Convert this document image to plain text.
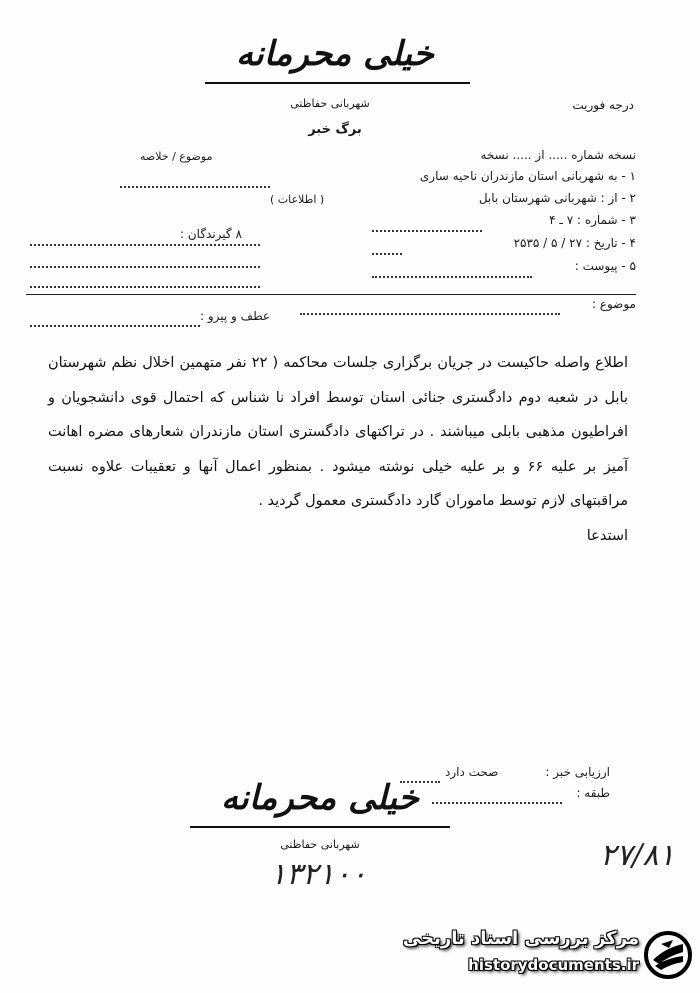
خیلی محرمانه
درجه فوریت
شهربانی حفاظتی
برگ خبر
نسخه شماره ..... از ..... نسخه
موضوع / خلاصه
۱ - به شهربانی استان مازندران ناحیه ساری
۲ - از : شهربانی شهرستان بابل
( اطلاعات )
۳ - شماره : ۷ ـ ۴
۸ گیرندگان :
۴ - تاریخ : ۲۷ / ۵ / ۲۵۳۵
۵ - پیوست :
موضوع :
عطف و پیرو :

اطلاع واصله حاکیست در جریان برگزاری جلسات محاکمه ( ۲۲ نفر متهمین اخلال نظم شهرستان بابل در شعبه دوم دادگستری جنائی استان توسط افراد نا شناس که احتمال قوی دانشجویان و افراطیون مذهبی بابلی میباشند . در تراکتهای دادگستری استان مازندران شعارهای مضره اهانت آمیز بر علیه ۶۶ و بر علیه خیلی نوشته میشود . بمنظور اعمال آنها و تعقیبات علاوه نسبت مراقبتهای لازم توسط ماموران گارد دادگستری معمول گردید .

استدعا

ارزیابی خبر :
صحت دارد
طبقه :
خیلی محرمانه
شهربانی حفاظتی
۱۳۲۱۰۰
۲۷/۸۱
مرکز بررسی اسناد تاریخی
historydocuments.ir
